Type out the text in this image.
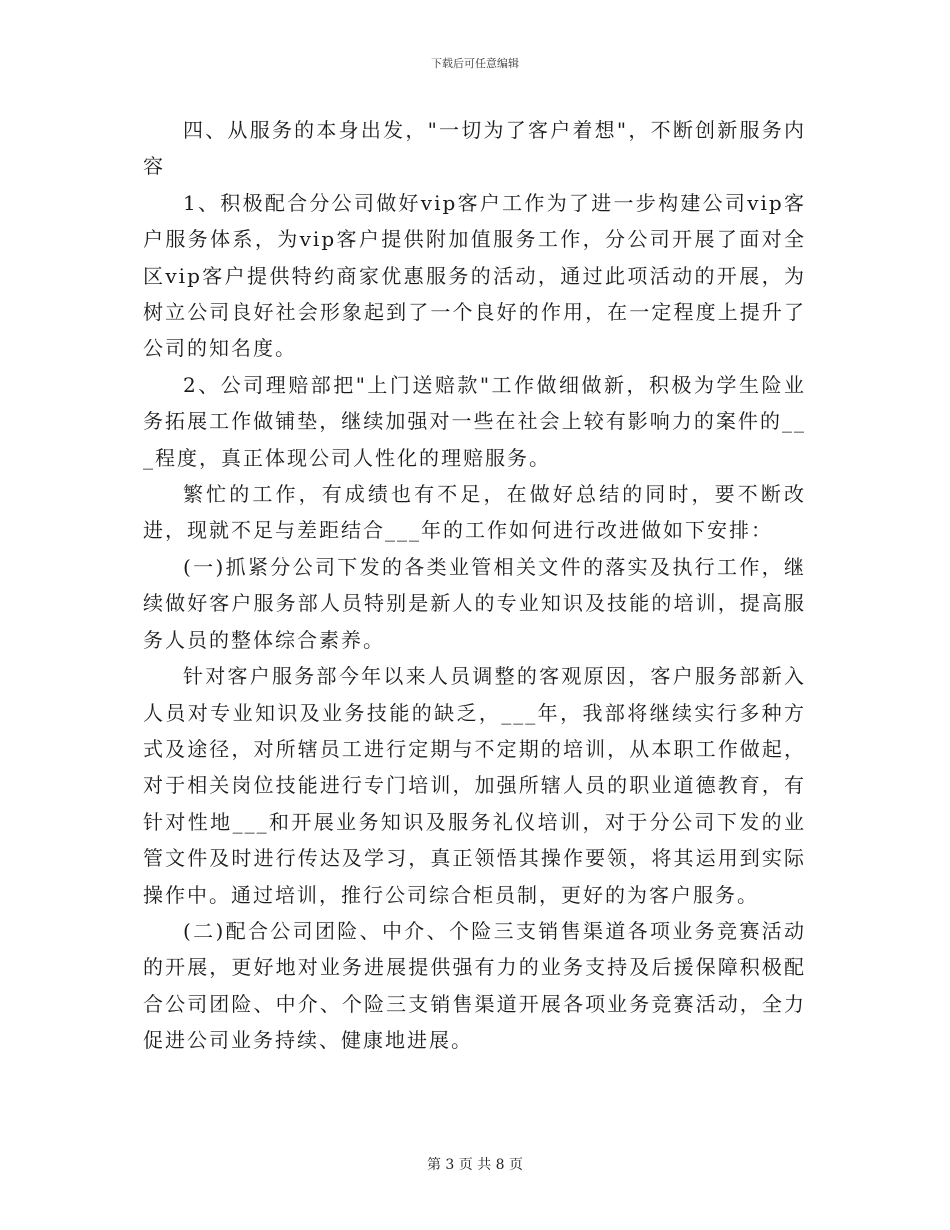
下载后可任意编辑

四、从服务的本身出发，"一切为了客户着想"，不断创新服务内容

1、积极配合分公司做好vip客户工作为了进一步构建公司vip客户服务体系，为vip客户提供附加值服务工作，分公司开展了面对全区vip客户提供特约商家优惠服务的活动，通过此项活动的开展，为树立公司良好社会形象起到了一个良好的作用，在一定程度上提升了公司的知名度。

2、公司理赔部把"上门送赔款"工作做细做新，积极为学生险业务拓展工作做铺垫，继续加强对一些在社会上较有影响力的案件的___程度，真正体现公司人性化的理赔服务。

繁忙的工作，有成绩也有不足，在做好总结的同时，要不断改进，现就不足与差距结合___年的工作如何进行改进做如下安排：

(一)抓紧分公司下发的各类业管相关文件的落实及执行工作，继续做好客户服务部人员特别是新人的专业知识及技能的培训，提高服务人员的整体综合素养。

针对客户服务部今年以来人员调整的客观原因，客户服务部新入人员对专业知识及业务技能的缺乏，___年，我部将继续实行多种方式及途径，对所辖员工进行定期与不定期的培训，从本职工作做起，对于相关岗位技能进行专门培训，加强所辖人员的职业道德教育，有针对性地___和开展业务知识及服务礼仪培训，对于分公司下发的业管文件及时进行传达及学习，真正领悟其操作要领，将其运用到实际操作中。通过培训，推行公司综合柜员制，更好的为客户服务。

(二)配合公司团险、中介、个险三支销售渠道各项业务竞赛活动的开展，更好地对业务进展提供强有力的业务支持及后援保障积极配合公司团险、中介、个险三支销售渠道开展各项业务竞赛活动，全力促进公司业务持续、健康地进展。

第 3 页 共 8 页
